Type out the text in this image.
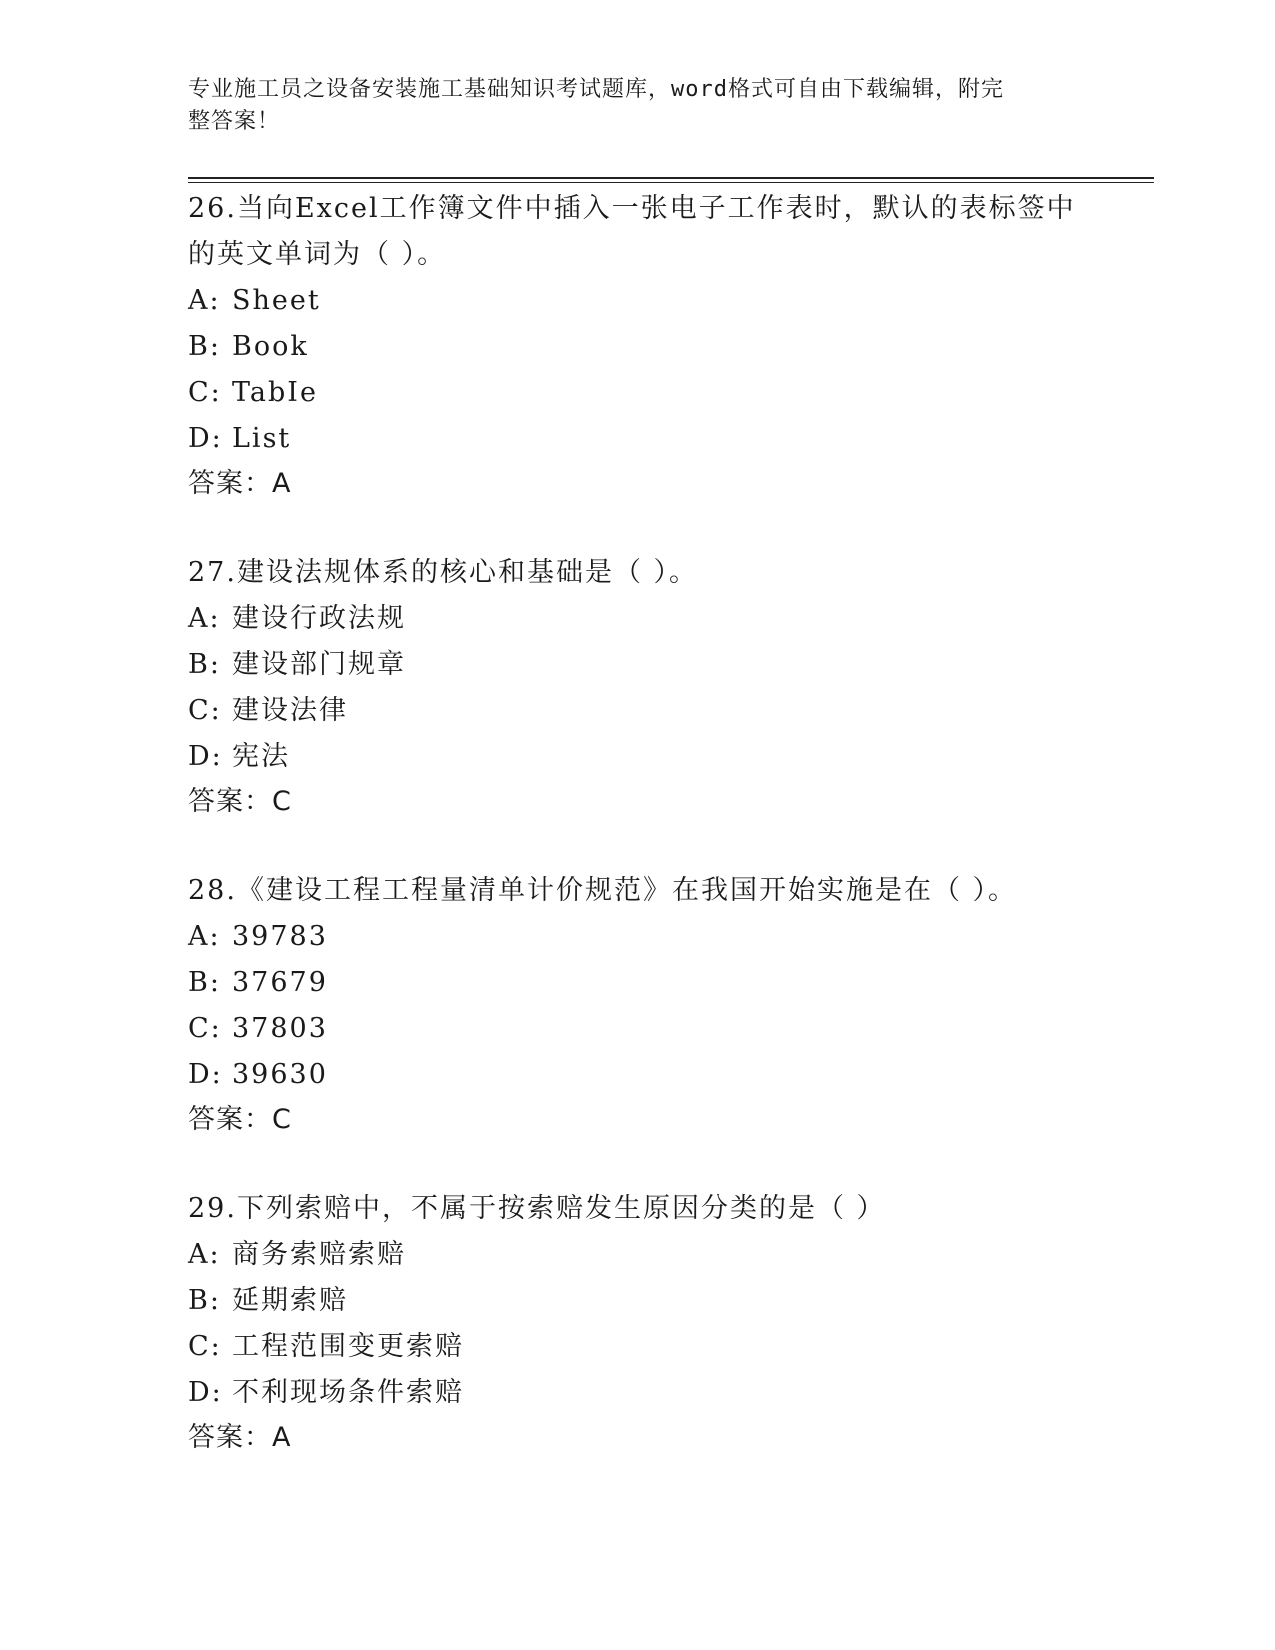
专业施工员之设备安装施工基础知识考试题库，word格式可自由下载编辑，附完
整答案！
26.当向Excel工作簿文件中插入一张电子工作表时，默认的表标签中的英文单词为（ ）。
A: Sheet
B: Book
C: TabIe
D: List
答案：A
27.建设法规体系的核心和基础是（ ）。
A: 建设行政法规
B: 建设部门规章
C: 建设法律
D: 宪法
答案：C
28.《建设工程工程量清单计价规范》在我国开始实施是在（ ）。
A: 39783
B: 37679
C: 37803
D: 39630
答案：C
29.下列索赔中，不属于按索赔发生原因分类的是（ ）
A: 商务索赔索赔
B: 延期索赔
C: 工程范围变更索赔
D: 不利现场条件索赔
答案：A
